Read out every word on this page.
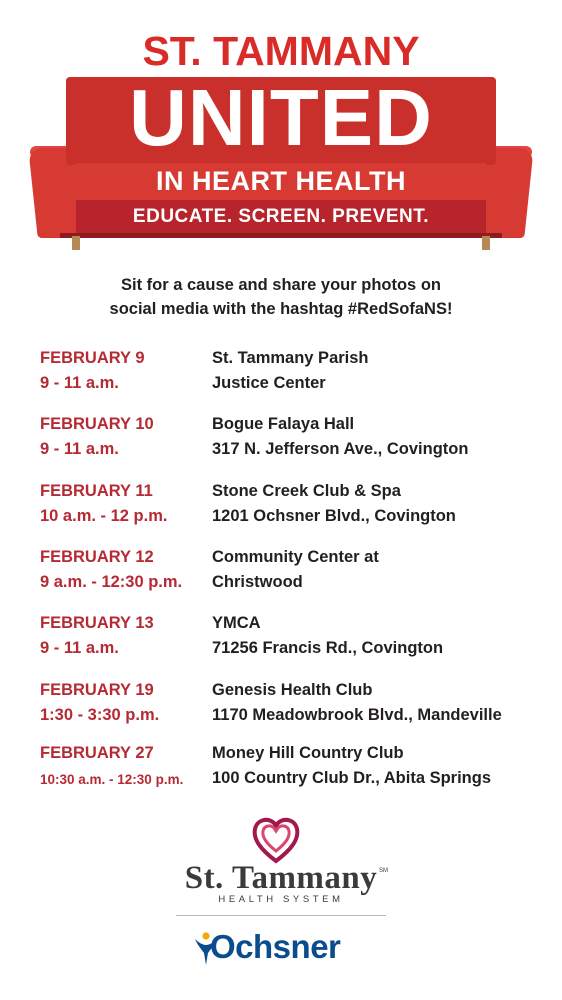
ST. TAMMANY
UNITED
IN HEART HEALTH
EDUCATE. SCREEN. PREVENT.
Sit for a cause and share your photos on
social media with the hashtag #RedSofaNS!
FEBRUARY 9
9 - 11 a.m.
St. Tammany Parish
Justice Center
FEBRUARY 10
9 - 11 a.m.
Bogue Falaya Hall
317 N. Jefferson Ave., Covington
FEBRUARY 11
10 a.m. - 12 p.m.
Stone Creek Club & Spa
1201 Ochsner Blvd., Covington
FEBRUARY 12
9 a.m. - 12:30 p.m.
Community Center at
Christwood
FEBRUARY 13
9 - 11 a.m.
YMCA
71256 Francis Rd., Covington
FEBRUARY 19
1:30 - 3:30 p.m.
Genesis Health Club
1170 Meadowbrook Blvd., Mandeville
FEBRUARY 27
10:30 a.m. - 12:30 p.m.
Money Hill Country Club
100 Country Club Dr., Abita Springs
St. Tammany SM
HEALTH SYSTEM
Ochsner
